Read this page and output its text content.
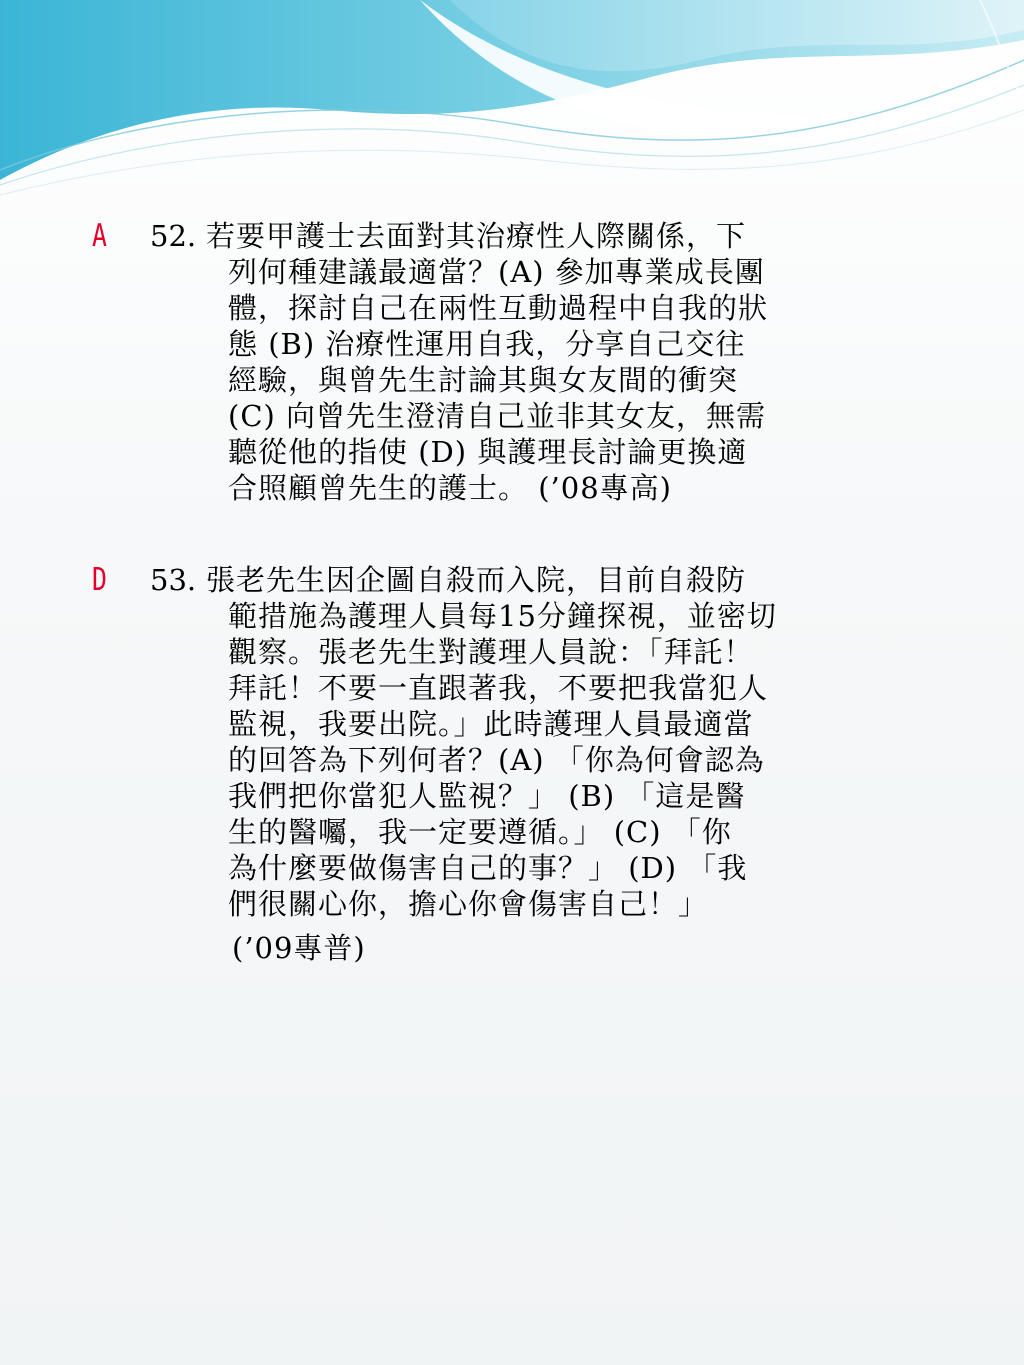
A 52. 若要甲護士去面對其治療性人際關係，下
列何種建議最適當？(A) 參加專業成長團
體，探討自己在兩性互動過程中自我的狀
態 (B) 治療性運用自我，分享自己交往
經驗，與曾先生討論其與女友間的衝突
(C) 向曾先生澄清自己並非其女友，無需
聽從他的指使 (D) 與護理長討論更換適
合照顧曾先生的護士。 (’08專高)
D 53. 張老先生因企圖自殺而入院，目前自殺防
範措施為護理人員每15分鐘探視，並密切
觀察。張老先生對護理人員說：「拜託！
拜託！不要一直跟著我，不要把我當犯人
監視，我要出院。」此時護理人員最適當
的回答為下列何者？(A) 「你為何會認為
我們把你當犯人監視？」 (B) 「這是醫
生的醫囑，我一定要遵循。」 (C) 「你
為什麼要做傷害自己的事？」 (D) 「我
們很關心你，擔心你會傷害自己！」
(’09專普)
